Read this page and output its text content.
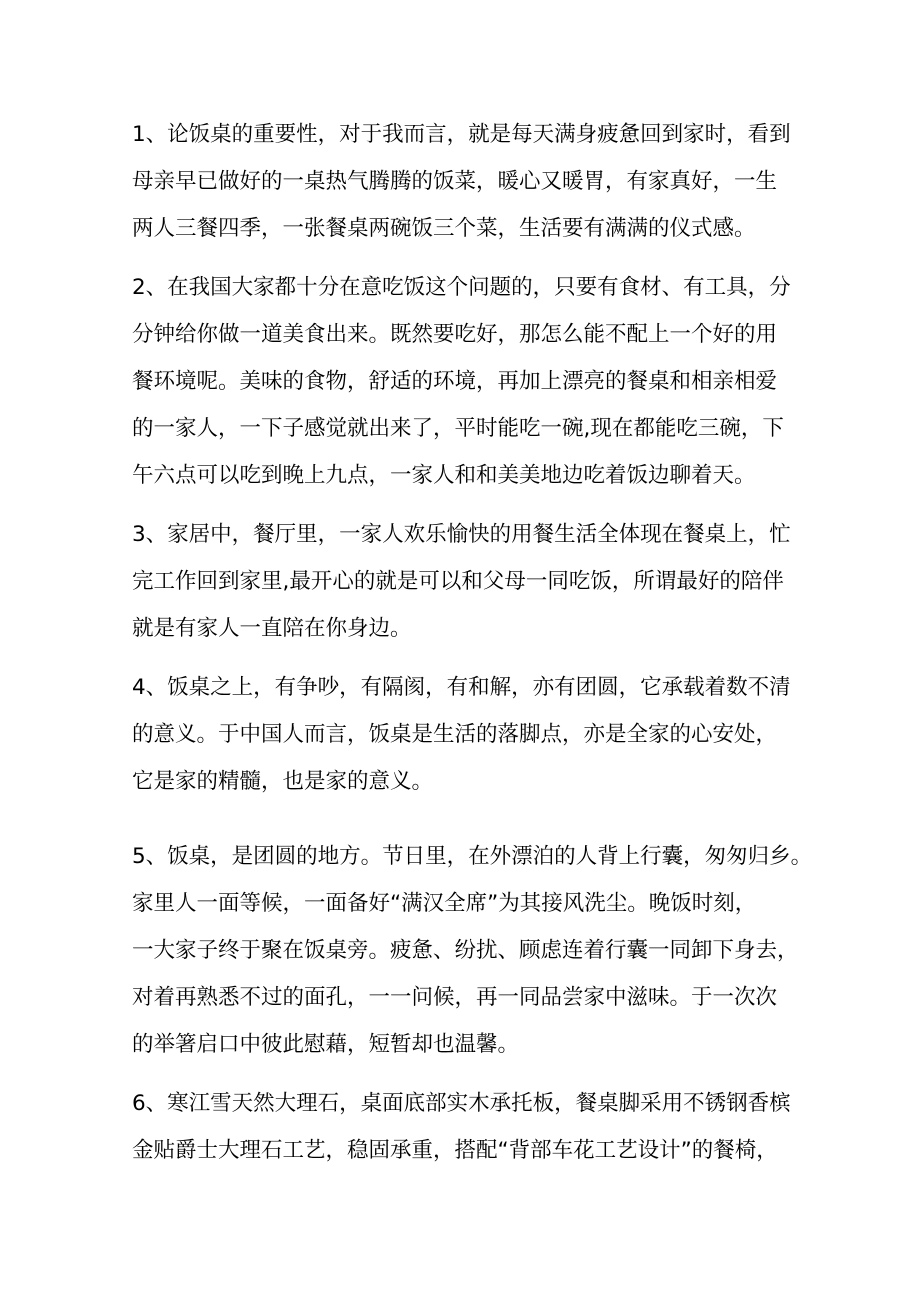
1、论饭桌的重要性，对于我而言，就是每天满身疲惫回到家时，看到
母亲早已做好的一桌热气腾腾的饭菜，暖心又暖胃，有家真好，一生
两人三餐四季，一张餐桌两碗饭三个菜，生活要有满满的仪式感。
2、在我国大家都十分在意吃饭这个问题的，只要有食材、有工具，分
分钟给你做一道美食出来。既然要吃好，那怎么能不配上一个好的用
餐环境呢。美味的食物，舒适的环境，再加上漂亮的餐桌和相亲相爱
的一家人，一下子感觉就出来了，平时能吃一碗,现在都能吃三碗，下
午六点可以吃到晚上九点，一家人和和美美地边吃着饭边聊着天。
3、家居中，餐厅里，一家人欢乐愉快的用餐生活全体现在餐桌上，忙
完工作回到家里,最开心的就是可以和父母一同吃饭，所谓最好的陪伴
就是有家人一直陪在你身边。
4、饭桌之上，有争吵，有隔阂，有和解，亦有团圆，它承载着数不清
的意义。于中国人而言，饭桌是生活的落脚点，亦是全家的心安处，
它是家的精髓，也是家的意义。
5、饭桌，是团圆的地方。节日里，在外漂泊的人背上行囊，匆匆归乡。
家里人一面等候，一面备好“满汉全席”为其接风洗尘。晚饭时刻，
一大家子终于聚在饭桌旁。疲惫、纷扰、顾虑连着行囊一同卸下身去，
对着再熟悉不过的面孔，一一问候，再一同品尝家中滋味。于一次次
的举箸启口中彼此慰藉，短暂却也温馨。
6、寒江雪天然大理石，桌面底部实木承托板，餐桌脚采用不锈钢香槟
金贴爵士大理石工艺，稳固承重，搭配“背部车花工艺设计”的餐椅，
